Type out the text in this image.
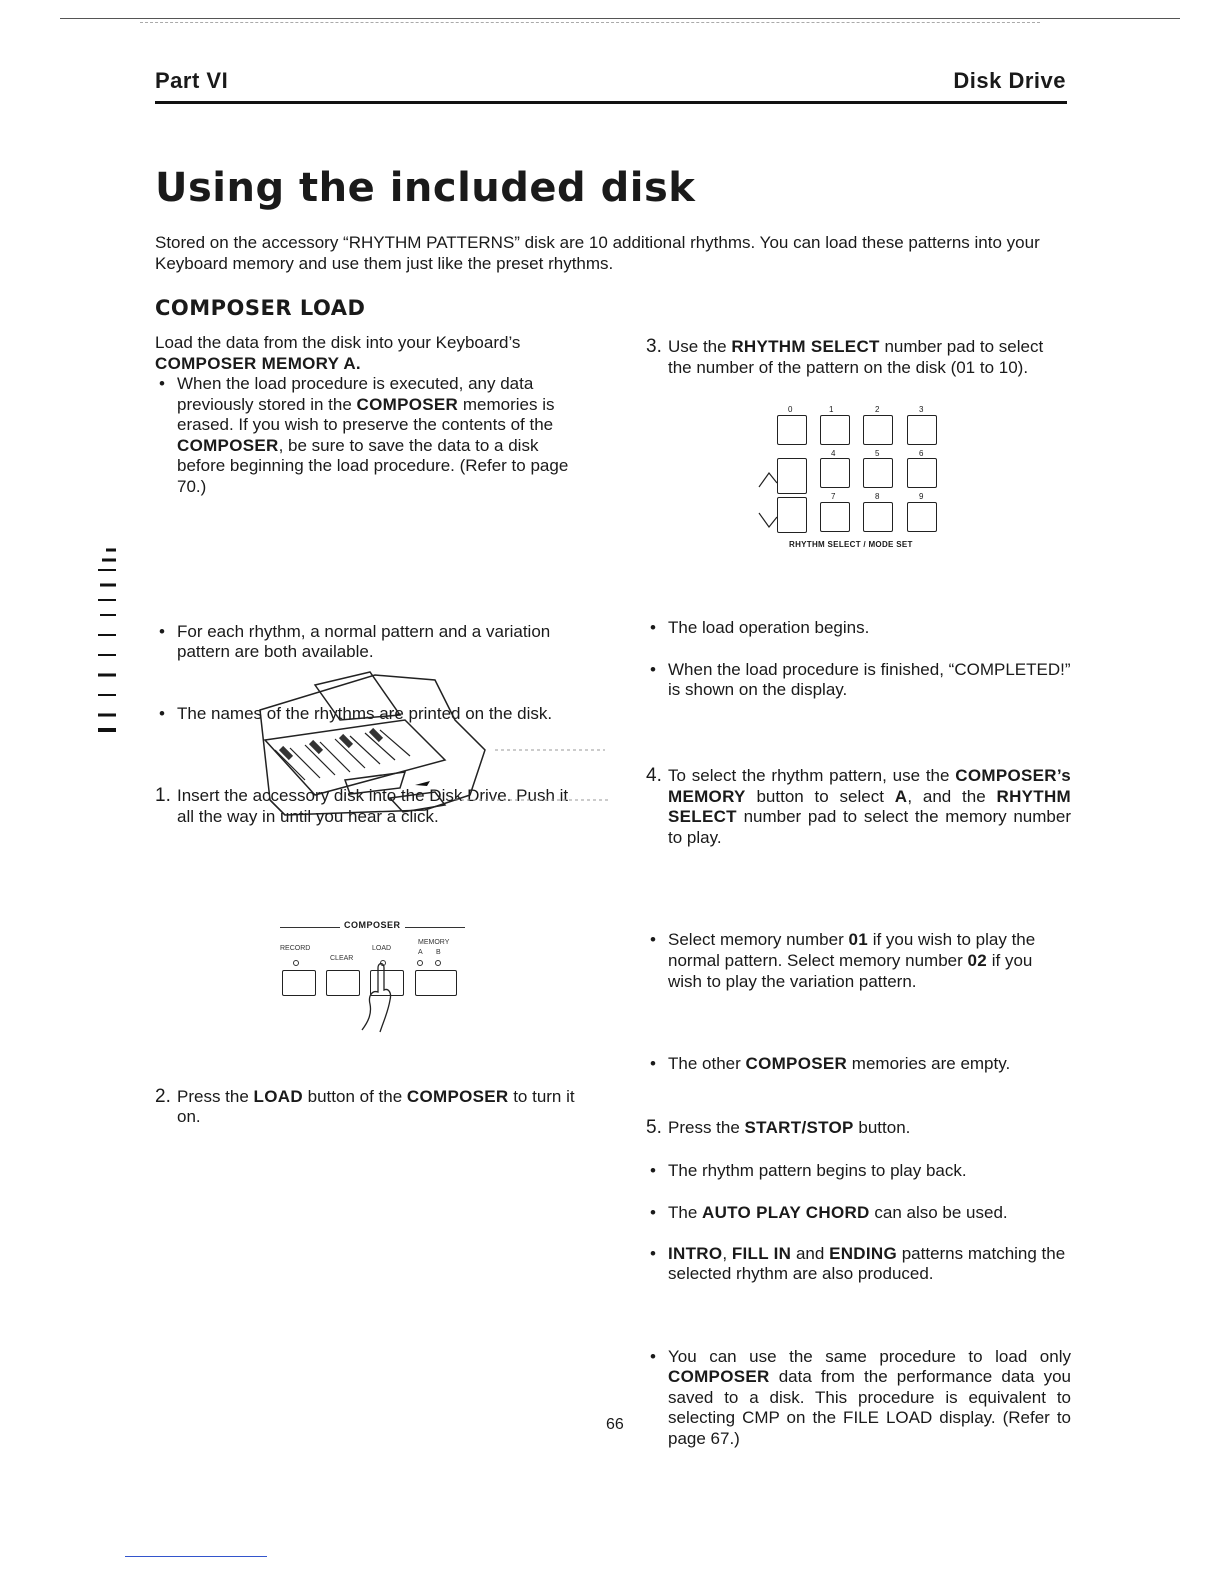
Part VI	Disk Drive
Using the included disk

Stored on the accessory “RHYTHM PATTERNS” disk are 10 additional rhythms. You can load these patterns into your Keyboard memory and use them just like the preset rhythms.

COMPOSER LOAD
Load the data from the disk into your Keyboard’s
COMPOSER MEMORY A.
• When the load procedure is executed, any data previously stored in the COMPOSER memories is erased. If you wish to preserve the contents of the COMPOSER, be sure to save the data to a disk before beginning the load procedure. (Refer to page 70.)
• For each rhythm, a normal pattern and a variation pattern are both available.
• The names of the rhythms are printed on the disk.
1. Insert the accessory disk into the Disk Drive. Push it all the way in until you hear a click.
2. Press the LOAD button of the COMPOSER to turn it on.
COMPOSER
RECORD
CLEAR
LOAD
MEMORY
A B
3. Use the RHYTHM SELECT number pad to select the number of the pattern on the disk (01 to 10).
• The load operation begins.
• When the load procedure is finished, “COMPLETED!” is shown on the display.
4. To select the rhythm pattern, use the COMPOSER’s MEMORY button to select A, and the RHYTHM SELECT number pad to select the memory number to play.
• Select memory number 01 if you wish to play the normal pattern. Select memory number 02 if you wish to play the variation pattern.
• The other COMPOSER memories are empty.
5. Press the START/STOP button.
• The rhythm pattern begins to play back.
• The AUTO PLAY CHORD can also be used.
• INTRO, FILL IN and ENDING patterns matching the selected rhythm are also produced.
• You can use the same procedure to load only COMPOSER data from the performance data you saved to a disk. This procedure is equivalent to selecting CMP on the FILE LOAD display. (Refer to page 67.)
0	1	2	3
4	5	6
7	8	9
RHYTHM SELECT / MODE SET
66
